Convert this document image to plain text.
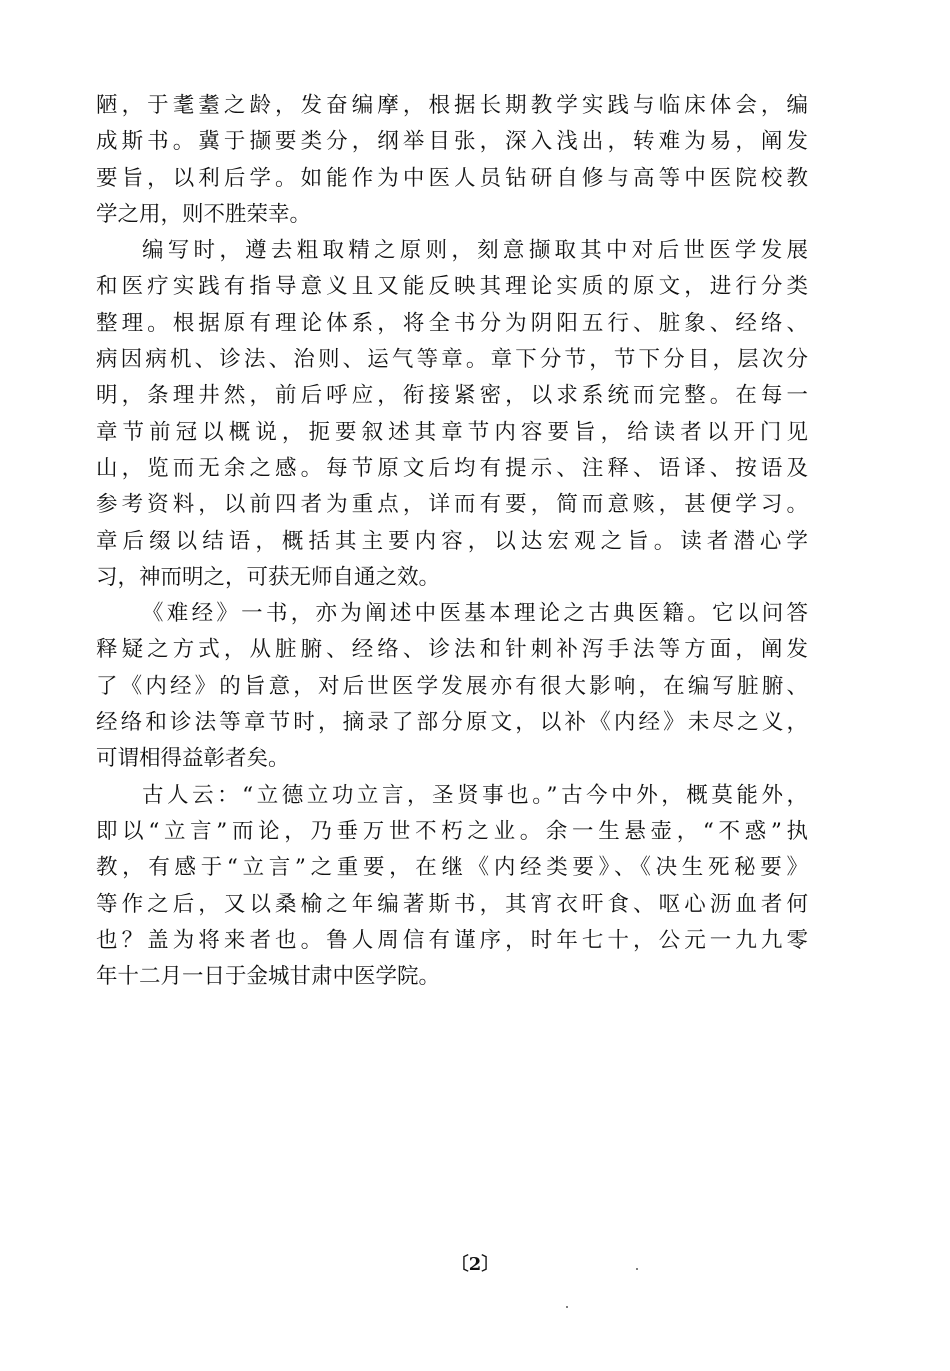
陋，于耄耋之龄，发奋编摩，根据长期教学实践与临床体会，编
成斯书。冀于撷要类分，纲举目张，深入浅出，转难为易，阐发
要旨，以利后学。如能作为中医人员钻研自修与高等中医院校教
学之用，则不胜荣幸。
编写时，遵去粗取精之原则，刻意撷取其中对后世医学发展
和医疗实践有指导意义且又能反映其理论实质的原文，进行分类
整理。根据原有理论体系，将全书分为阴阳五行、脏象、经络、
病因病机、诊法、治则、运气等章。章下分节，节下分目，层次分
明，条理井然，前后呼应，衔接紧密，以求系统而完整。在每一
章节前冠以概说，扼要叙述其章节内容要旨，给读者以开门见
山，览而无余之感。每节原文后均有提示、注释、语译、按语及
参考资料，以前四者为重点，详而有要，简而意赅，甚便学习。
章后缀以结语，概括其主要内容，以达宏观之旨。读者潜心学
习，神而明之，可获无师自通之效。
《难经》一书，亦为阐述中医基本理论之古典医籍。它以问答
释疑之方式，从脏腑、经络、诊法和针刺补泻手法等方面，阐发
了《内经》的旨意，对后世医学发展亦有很大影响，在编写脏腑、
经络和诊法等章节时，摘录了部分原文，以补《内经》未尽之义，
可谓相得益彰者矣。
古人云：“立德立功立言，圣贤事也。”古今中外，概莫能外，
即以“立言”而论，乃垂万世不朽之业。余一生悬壶，“不惑”执
教，有感于“立言”之重要，在继《内经类要》、《决生死秘要》
等作之后，又以桑榆之年编著斯书，其宵衣旰食、呕心沥血者何
也？盖为将来者也。鲁人周信有谨序，时年七十，公元一九九零
年十二月一日于金城甘肃中医学院。
〔2〕
